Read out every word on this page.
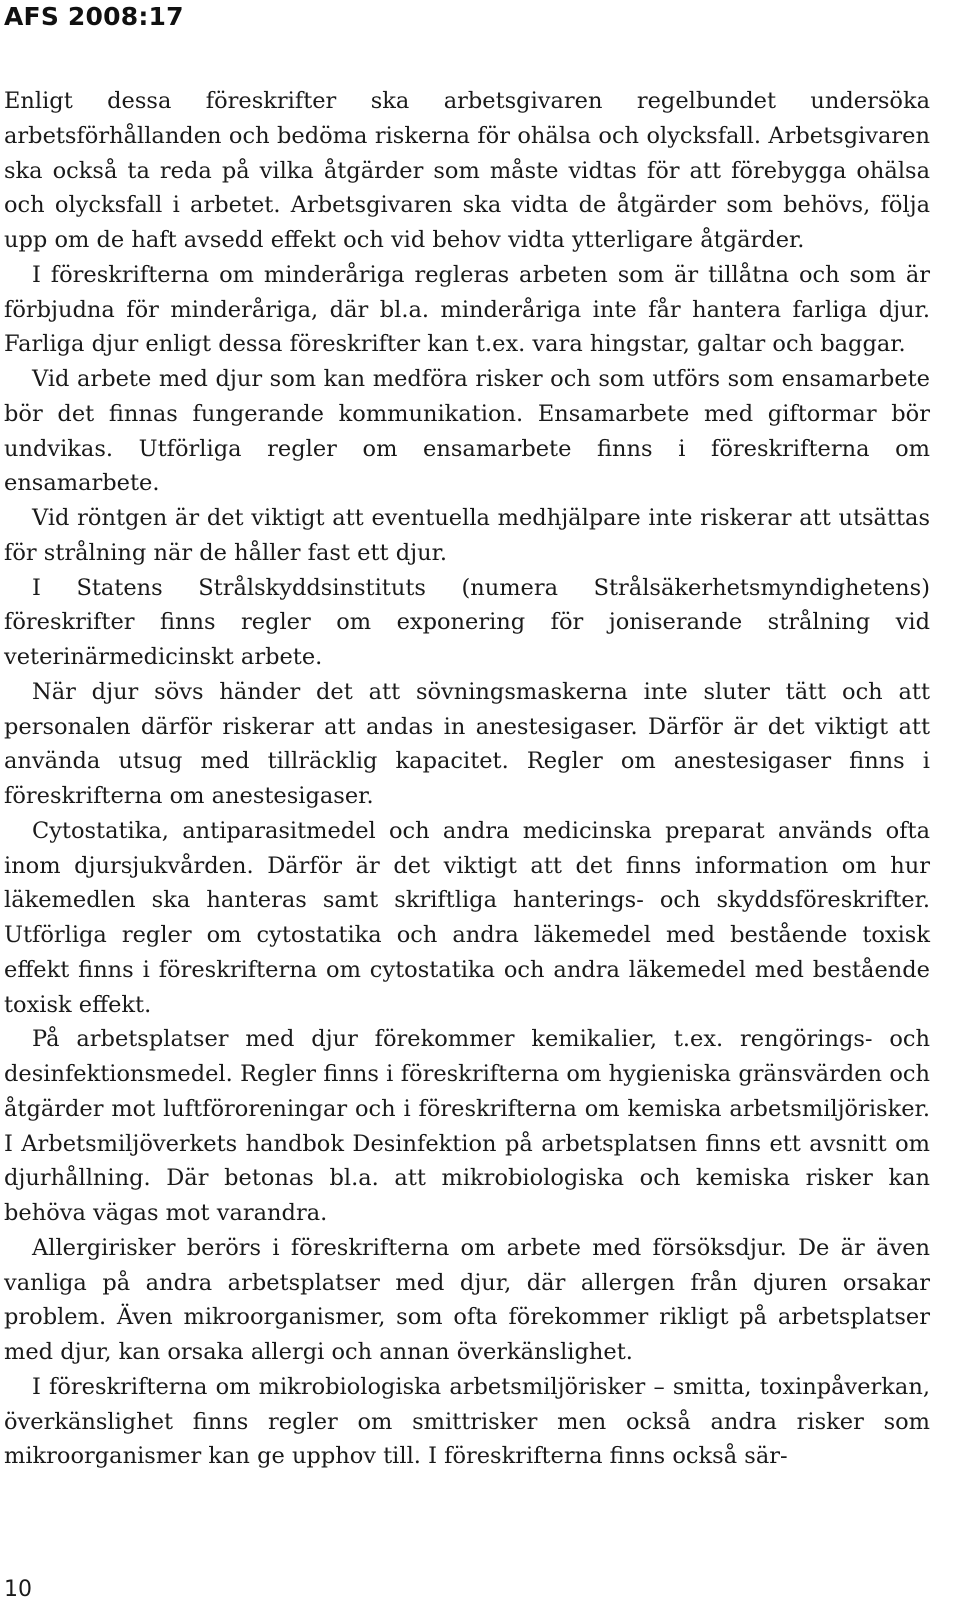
AFS 2008:17

Enligt dessa föreskrifter ska arbetsgivaren regelbundet undersöka arbetsförhållanden och bedöma riskerna för ohälsa och olycksfall. Arbetsgivaren ska också ta reda på vilka åtgärder som måste vidtas för att förebygga ohälsa och olycksfall i arbetet. Arbetsgivaren ska vidta de åtgärder som behövs, följa upp om de haft avsedd effekt och vid behov vidta ytterligare åtgärder.

I föreskrifterna om minderåriga regleras arbeten som är tillåtna och som är förbjudna för minderåriga, där bl.a. minderåriga inte får hantera farliga djur. Farliga djur enligt dessa föreskrifter kan t.ex. vara hingstar, galtar och baggar.

Vid arbete med djur som kan medföra risker och som utförs som ensamarbete bör det finnas fungerande kommunikation. Ensamarbete med giftormar bör undvikas. Utförliga regler om ensamarbete finns i föreskrifterna om ensamarbete.

Vid röntgen är det viktigt att eventuella medhjälpare inte riskerar att utsättas för strålning när de håller fast ett djur.

I Statens Strålskyddsinstituts (numera Strålsäkerhetsmyndighetens) föreskrifter finns regler om exponering för joniserande strålning vid veterinärmedicinskt arbete.

När djur sövs händer det att sövningsmaskerna inte sluter tätt och att personalen därför riskerar att andas in anestesigaser. Därför är det viktigt att använda utsug med tillräcklig kapacitet. Regler om anestesigaser finns i föreskrifterna om anestesigaser.

Cytostatika, antiparasitmedel och andra medicinska preparat används ofta inom djursjukvården. Därför är det viktigt att det finns information om hur läkemedlen ska hanteras samt skriftliga hanterings- och skyddsföreskrifter. Utförliga regler om cytostatika och andra läkemedel med bestående toxisk effekt finns i föreskrifterna om cytostatika och andra läkemedel med bestående toxisk effekt.

På arbetsplatser med djur förekommer kemikalier, t.ex. rengörings- och desinfektionsmedel. Regler finns i föreskrifterna om hygieniska gränsvärden och åtgärder mot luftföroreningar och i föreskrifterna om kemiska arbetsmiljörisker. I Arbetsmiljöverkets handbok Desinfektion på arbetsplatsen finns ett avsnitt om djurhållning. Där betonas bl.a. att mikrobiologiska och kemiska risker kan behöva vägas mot varandra.

Allergirisker berörs i föreskrifterna om arbete med försöksdjur. De är även vanliga på andra arbetsplatser med djur, där allergen från djuren orsakar problem. Även mikroorganismer, som ofta förekommer rikligt på arbetsplatser med djur, kan orsaka allergi och annan överkänslighet.

I föreskrifterna om mikrobiologiska arbetsmiljörisker – smitta, toxinpåverkan, överkänslighet finns regler om smittrisker men också andra risker som mikroorganismer kan ge upphov till. I föreskrifterna finns också sär-

10
